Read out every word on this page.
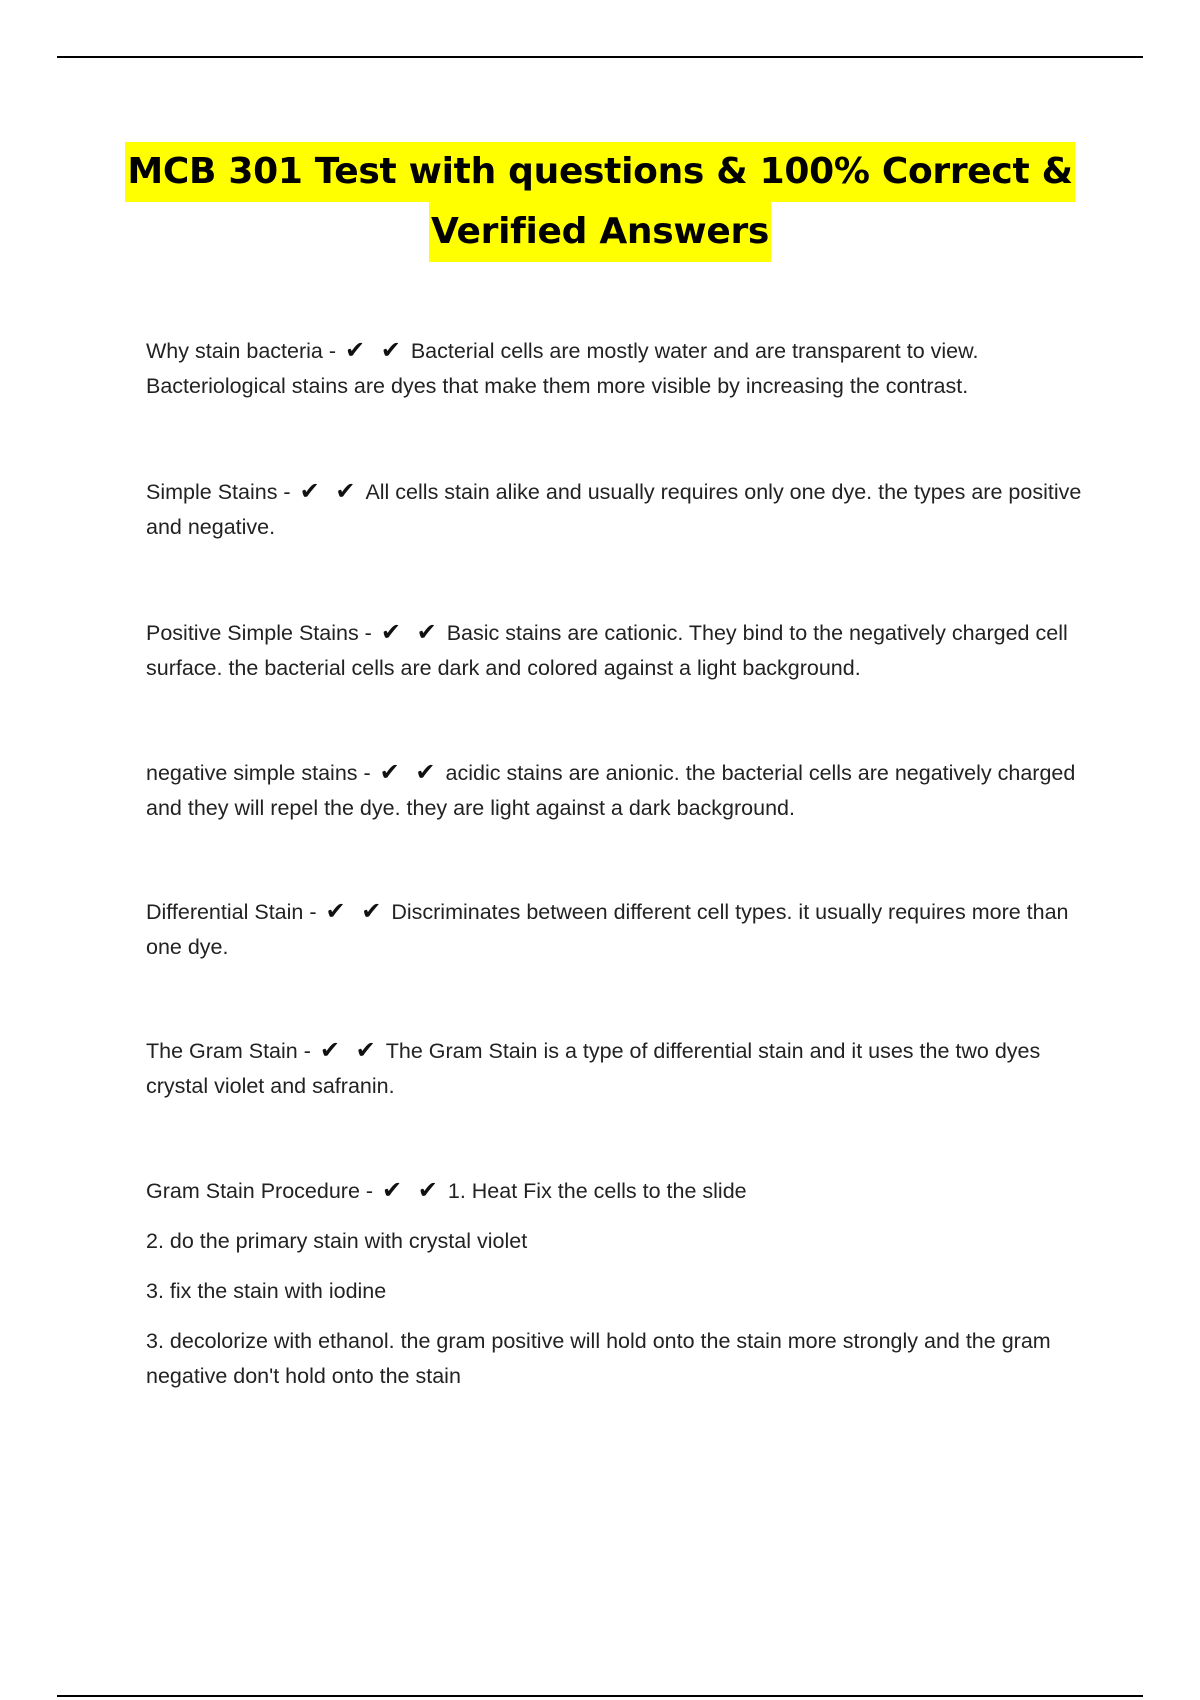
MCB 301 Test with questions & 100% Correct &
Verified Answers

Why stain bacteria - ✔ ✔ Bacterial cells are mostly water and are transparent to view. Bacteriological stains are dyes that make them more visible by increasing the contrast.

Simple Stains - ✔ ✔ All cells stain alike and usually requires only one dye. the types are positive and negative.

Positive Simple Stains - ✔ ✔ Basic stains are cationic. They bind to the negatively charged cell surface. the bacterial cells are dark and colored against a light background.

negative simple stains - ✔ ✔ acidic stains are anionic. the bacterial cells are negatively charged and they will repel the dye. they are light against a dark background.

Differential Stain - ✔ ✔ Discriminates between different cell types. it usually requires more than one dye.

The Gram Stain - ✔ ✔ The Gram Stain is a type of differential stain and it uses the two dyes crystal violet and safranin.

Gram Stain Procedure - ✔ ✔ 1. Heat Fix the cells to the slide

2. do the primary stain with crystal violet

3. fix the stain with iodine

3. decolorize with ethanol. the gram positive will hold onto the stain more strongly and the gram negative don't hold onto the stain
